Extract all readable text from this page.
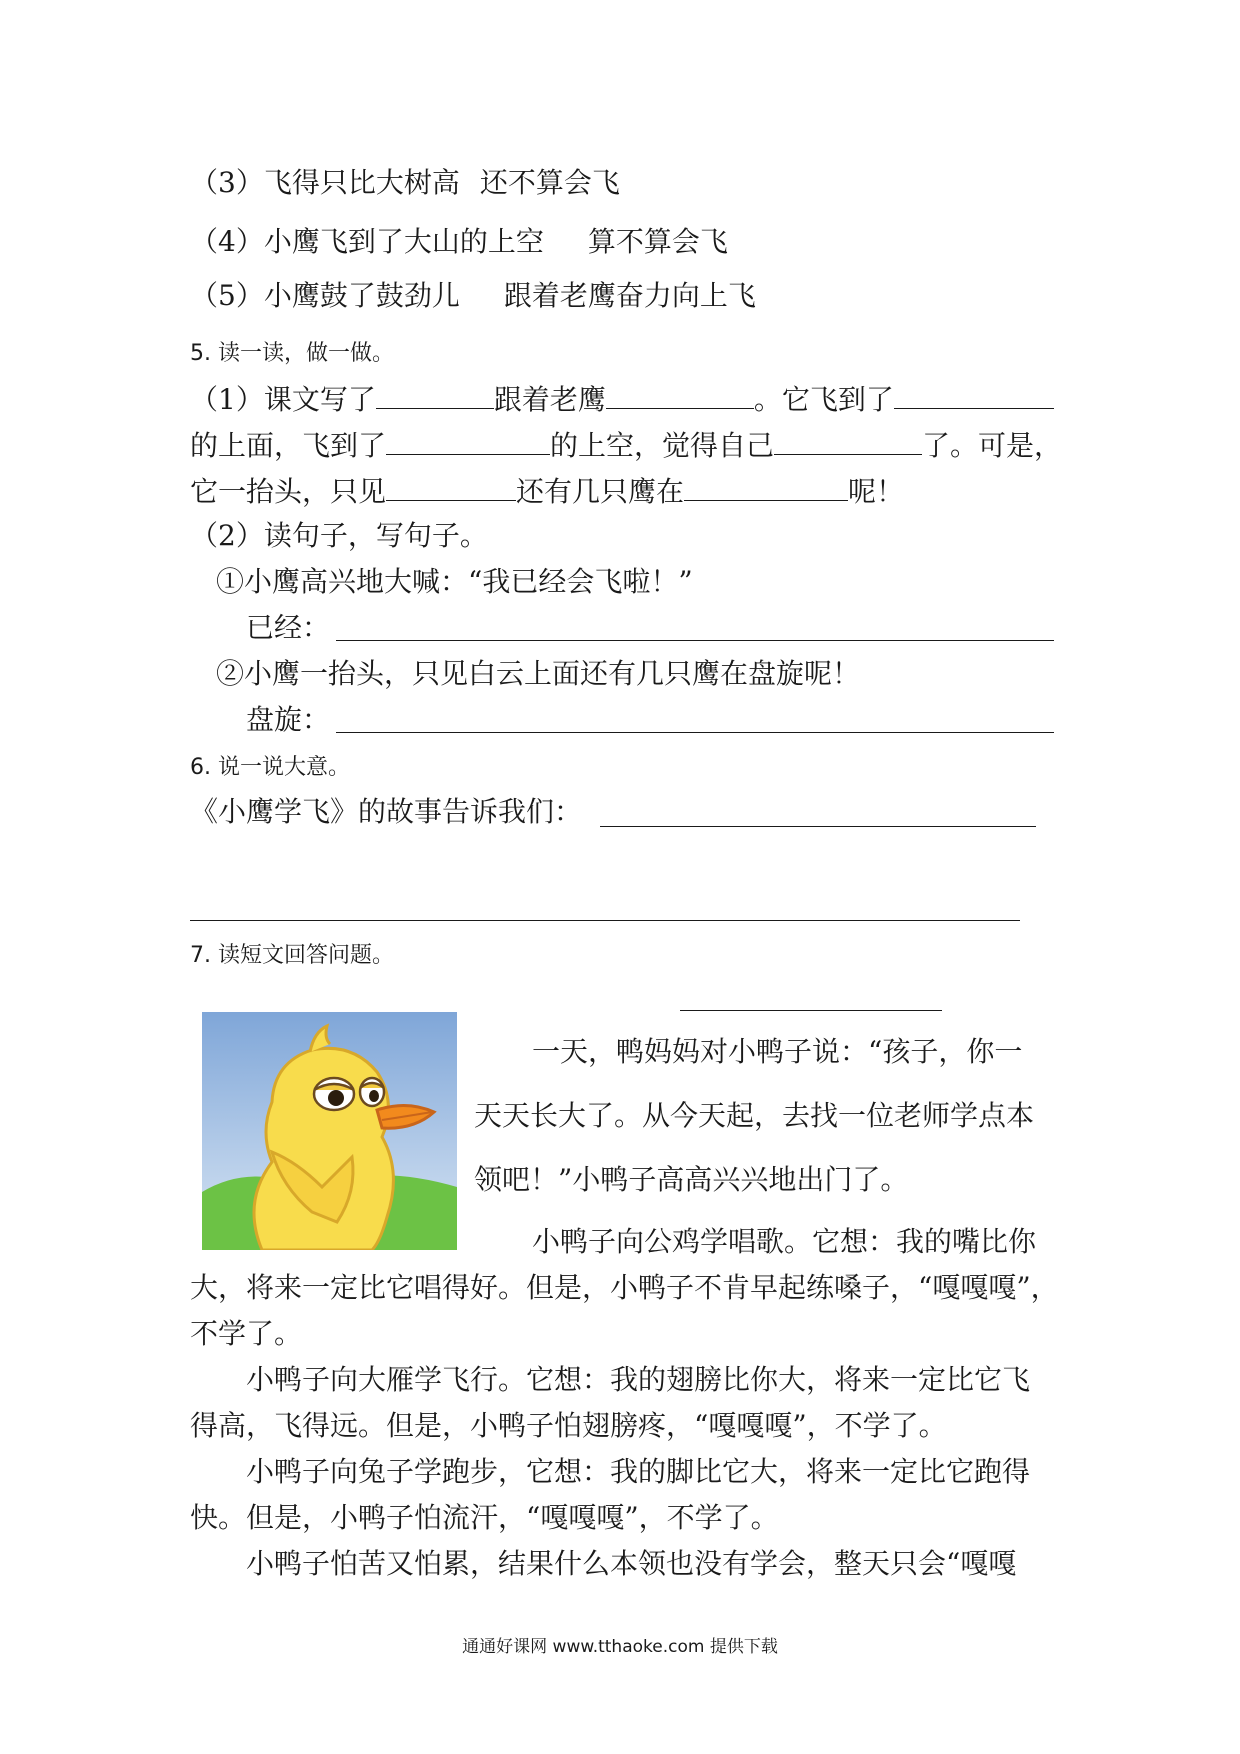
（3）飞得只比大树高 还不算会飞
（4）小鹰飞到了大山的上空 算不算会飞
（5）小鹰鼓了鼓劲儿 跟着老鹰奋力向上飞
5. 读一读，做一做。
（1）课文写了	跟着老鹰	。它飞到了
的上面，飞到了	的上空，觉得自己	了。可是，
它一抬头，只见	还有几只鹰在	呢！
（2）读句子，写句子。
①小鹰高兴地大喊：“我已经会飞啦！”
已经：
②小鹰一抬头，只见白云上面还有几只鹰在盘旋呢！
盘旋：
6. 说一说大意。
《小鹰学飞》的故事告诉我们：
7. 读短文回答问题。
一天，鸭妈妈对小鸭子说：“孩子，你一
天天长大了。从今天起，去找一位老师学点本
领吧！”小鸭子高高兴兴地出门了。
小鸭子向公鸡学唱歌。它想：我的嘴比你
大，将来一定比它唱得好。但是，小鸭子不肯早起练嗓子，“嘎嘎嘎”，
不学了。
小鸭子向大雁学飞行。它想：我的翅膀比你大，将来一定比它飞
得高，飞得远。但是，小鸭子怕翅膀疼，“嘎嘎嘎”，不学了。
小鸭子向兔子学跑步，它想：我的脚比它大，将来一定比它跑得
快。但是，小鸭子怕流汗，“嘎嘎嘎”，不学了。
小鸭子怕苦又怕累，结果什么本领也没有学会，整天只会“嘎嘎
通通好课网 www.tthaoke.com 提供下载
